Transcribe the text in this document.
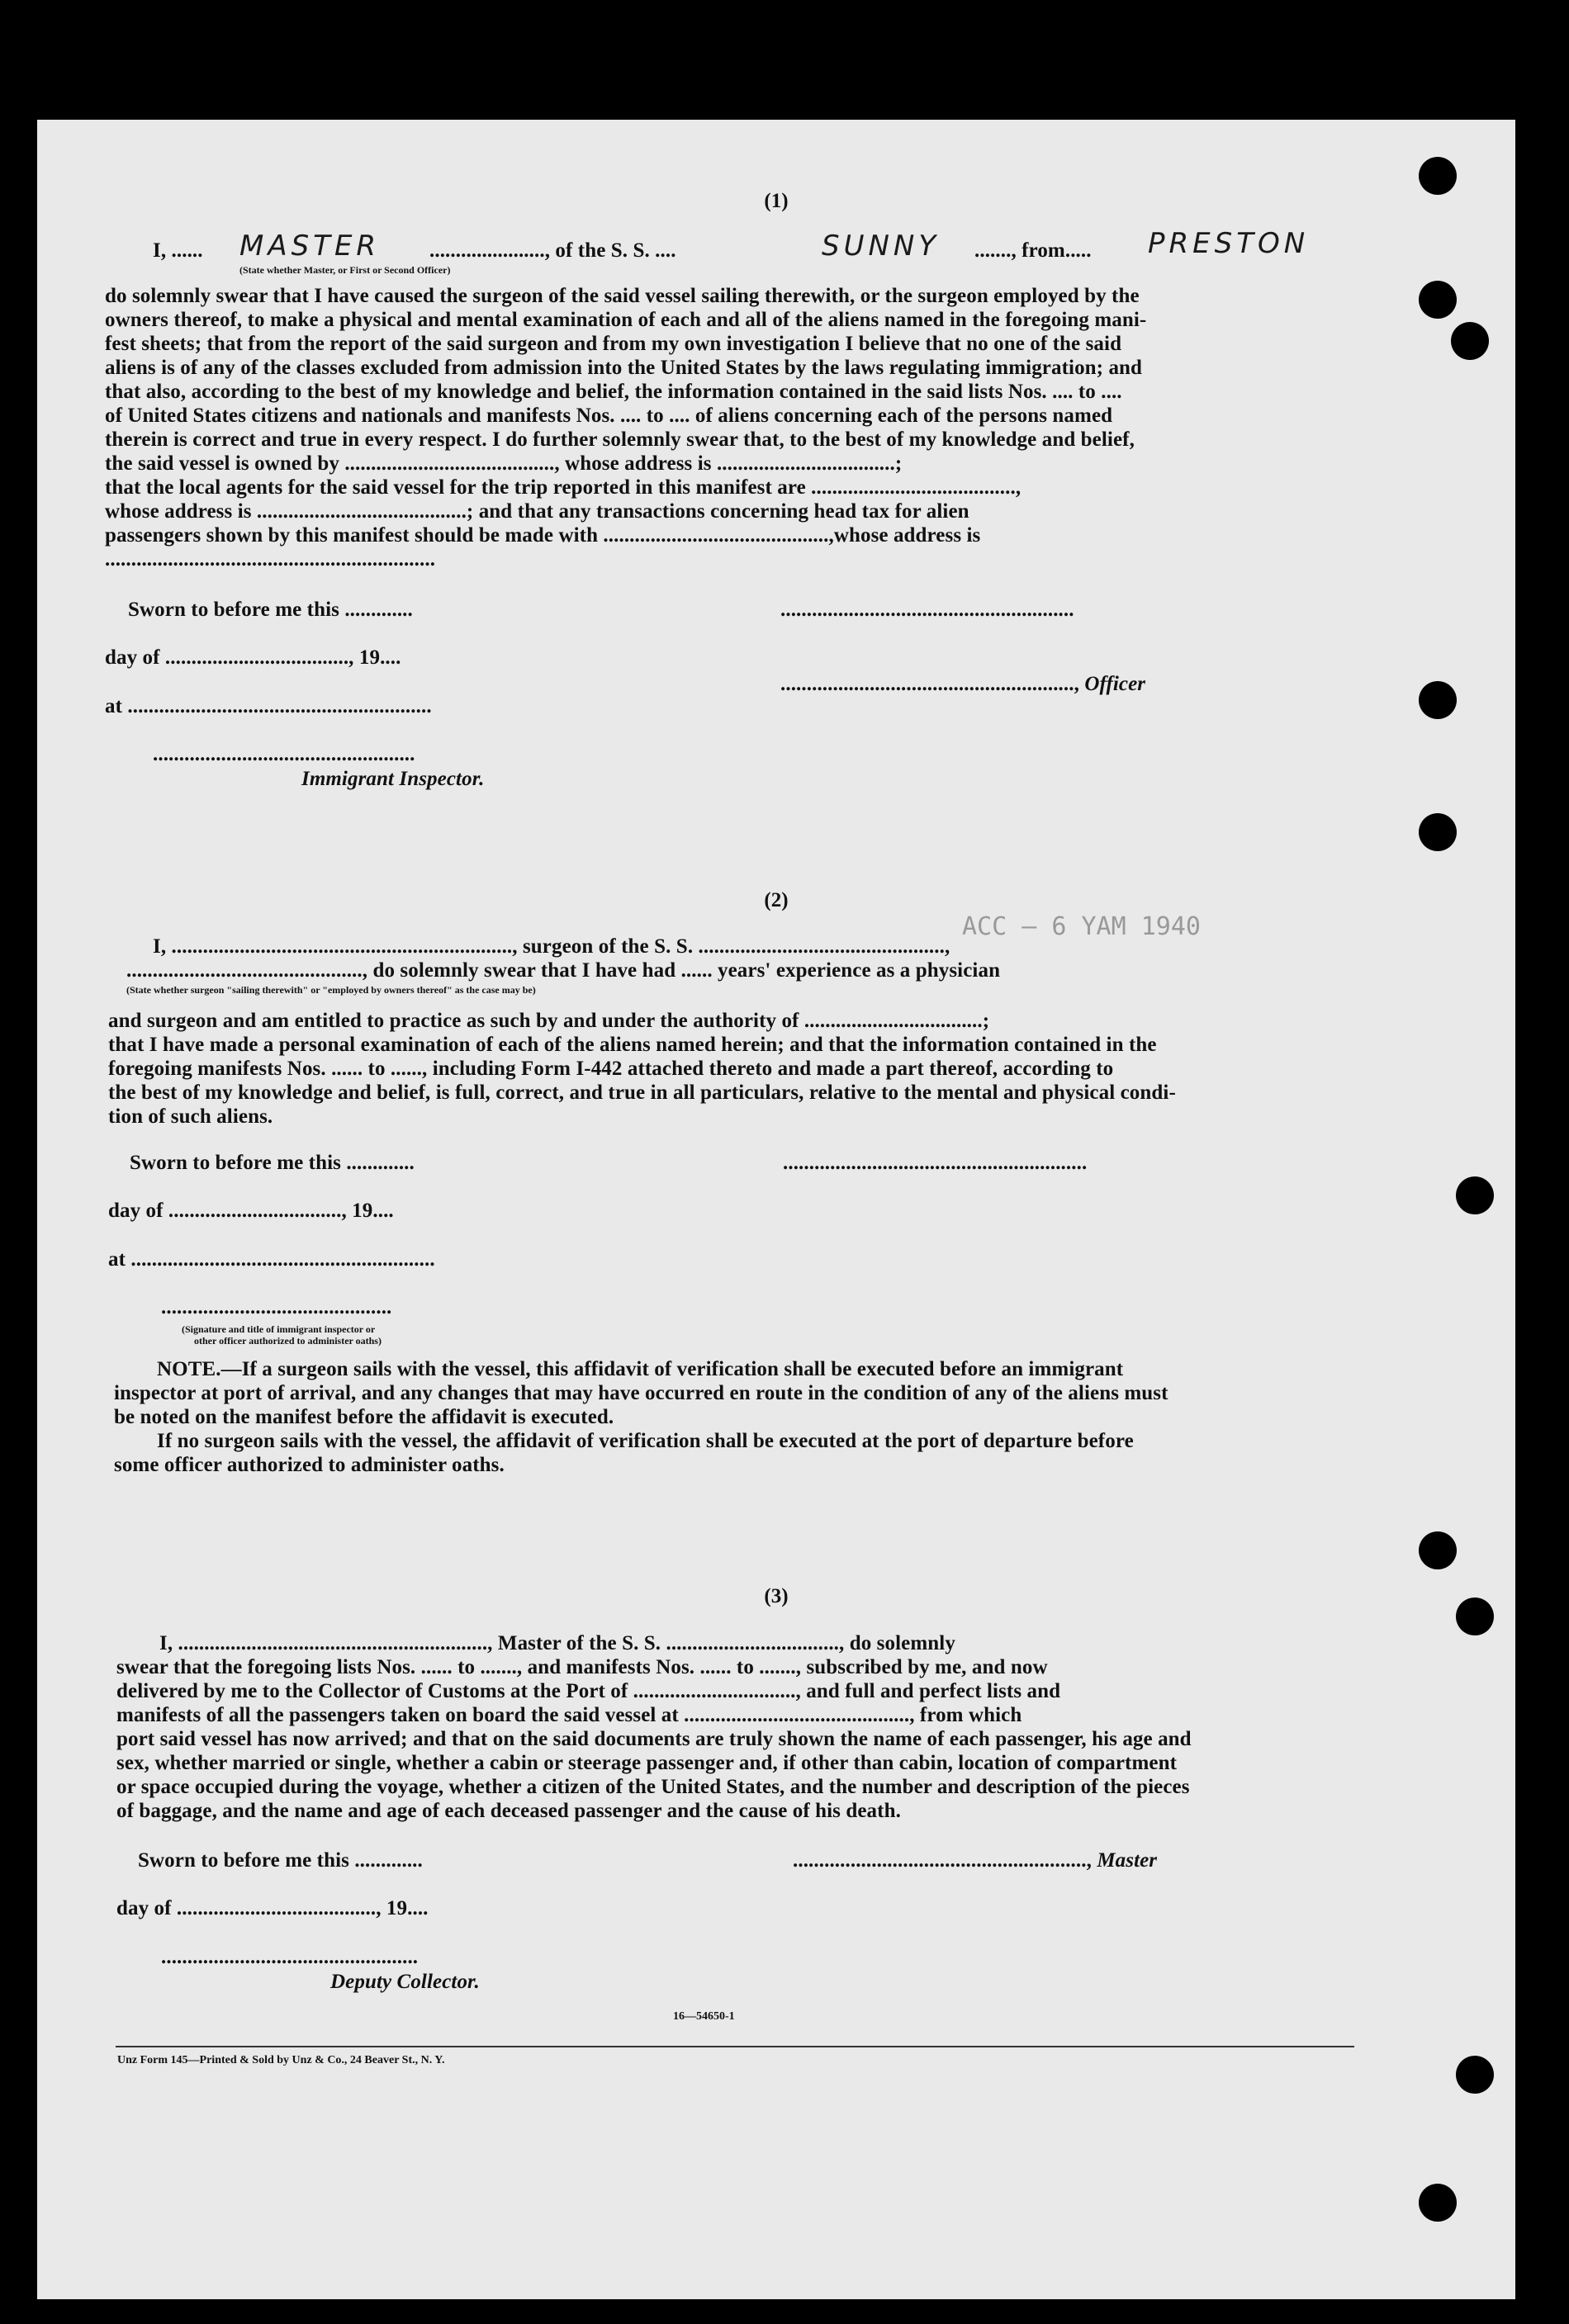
ACC — 6 YAM 1940
(1)
I, ...... MASTER ......................, of the S. S. ....	SUNNY ......., from..... PRESTON
(State whether Master, or First or Second Officer)
do solemnly swear that I have caused the surgeon of the said vessel sailing therewith, or the surgeon employed by the
owners thereof, to make a physical and mental examination of each and all of the aliens named in the foregoing mani-
fest sheets; that from the report of the said surgeon and from my own investigation I believe that no one of the said
aliens is of any of the classes excluded from admission into the United States by the laws regulating immigration; and
that also, according to the best of my knowledge and belief, the information contained in the said lists Nos. .... to ....
of United States citizens and nationals and manifests Nos. .... to .... of aliens concerning each of the persons named
therein is correct and true in every respect. I do further solemnly swear that, to the best of my knowledge and belief,
the said vessel is owned by ........................................, whose address is ..................................;
that the local agents for the said vessel for the trip reported in this manifest are .......................................,
whose address is ........................................; and that any transactions concerning head tax for alien
passengers shown by this manifest should be made with ...........................................,whose address is
...............................................................
Sworn to before me this .............	........................................................
day of ..................................., 19....
at ..........................................................
........................................................, Officer
..................................................
Immigrant Inspector.
(2)
I, ................................................................., surgeon of the S. S. ...............................................,
............................................., do solemnly swear that I have had ...... years' experience as a physician
(State whether surgeon "sailing therewith" or "employed by owners thereof" as the case may be)
and surgeon and am entitled to practice as such by and under the authority of ..................................;
that I have made a personal examination of each of the aliens named herein; and that the information contained in the
foregoing manifests Nos. ...... to ......, including Form I-442 attached thereto and made a part thereof, according to
the best of my knowledge and belief, is full, correct, and true in all particulars, relative to the mental and physical condi-
tion of such aliens.
Sworn to before me this .............	..........................................................
day of ................................., 19....
at ..........................................................
............................................
(Signature and title of immigrant inspector or
other officer authorized to administer oaths)
NOTE.—If a surgeon sails with the vessel, this affidavit of verification shall be executed before an immigrant
inspector at port of arrival, and any changes that may have occurred en route in the condition of any of the aliens must
be noted on the manifest before the affidavit is executed.
If no surgeon sails with the vessel, the affidavit of verification shall be executed at the port of departure before
some officer authorized to administer oaths.
(3)
I, ..........................................................., Master of the S. S. ................................., do solemnly
swear that the foregoing lists Nos. ...... to ......., and manifests Nos. ...... to ......., subscribed by me, and now
delivered by me to the Collector of Customs at the Port of ..............................., and full and perfect lists and
manifests of all the passengers taken on board the said vessel at ..........................................., from which
port said vessel has now arrived; and that on the said documents are truly shown the name of each passenger, his age and
sex, whether married or single, whether a cabin or steerage passenger and, if other than cabin, location of compartment
or space occupied during the voyage, whether a citizen of the United States, and the number and description of the pieces
of baggage, and the name and age of each deceased passenger and the cause of his death.
Sworn to before me this .............	........................................................, Master
day of ......................................, 19....
.................................................
Deputy Collector.
16—54650-1
Unz Form 145—Printed & Sold by Unz & Co., 24 Beaver St., N. Y.
